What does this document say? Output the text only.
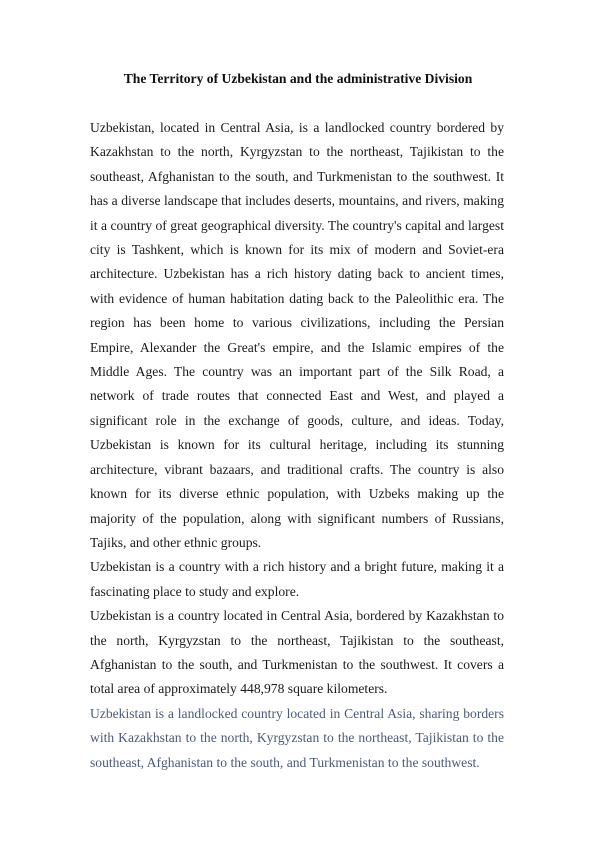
The Territory of Uzbekistan and the administrative Division

Uzbekistan, located in Central Asia, is a landlocked country bordered by Kazakhstan to the north, Kyrgyzstan to the northeast, Tajikistan to the southeast, Afghanistan to the south, and Turkmenistan to the southwest. It has a diverse landscape that includes deserts, mountains, and rivers, making it a country of great geographical diversity. The country's capital and largest city is Tashkent, which is known for its mix of modern and Soviet-era architecture. Uzbekistan has a rich history dating back to ancient times, with evidence of human habitation dating back to the Paleolithic era. The region has been home to various civilizations, including the Persian Empire, Alexander the Great's empire, and the Islamic empires of the Middle Ages. The country was an important part of the Silk Road, a network of trade routes that connected East and West, and played a significant role in the exchange of goods, culture, and ideas. Today, Uzbekistan is known for its cultural heritage, including its stunning architecture, vibrant bazaars, and traditional crafts. The country is also known for its diverse ethnic population, with Uzbeks making up the majority of the population, along with significant numbers of Russians, Tajiks, and other ethnic groups.

Uzbekistan is a country with a rich history and a bright future, making it a fascinating place to study and explore.

Uzbekistan is a country located in Central Asia, bordered by Kazakhstan to the north, Kyrgyzstan to the northeast, Tajikistan to the southeast, Afghanistan to the south, and Turkmenistan to the southwest. It covers a total area of approximately 448,978 square kilometers.

Uzbekistan is a landlocked country located in Central Asia, sharing borders with Kazakhstan to the north, Kyrgyzstan to the northeast, Tajikistan to the southeast, Afghanistan to the south, and Turkmenistan to the southwest.
